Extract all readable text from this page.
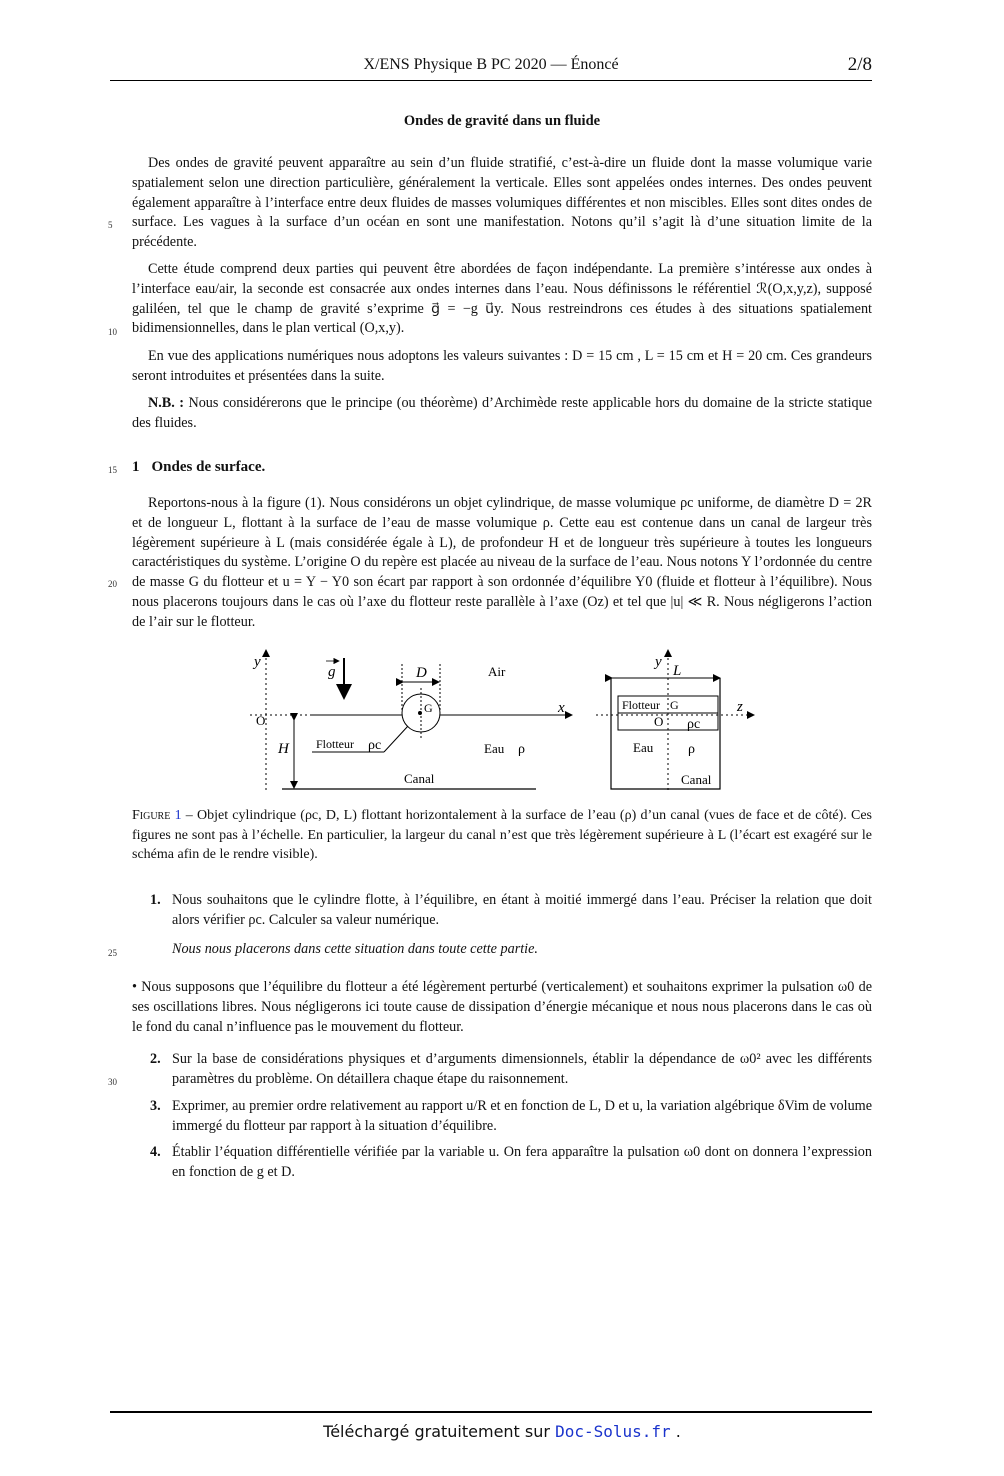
X/ENS Physique B PC 2020 — Énoncé	2/8
Ondes de gravité dans un fluide

Des ondes de gravité peuvent apparaître au sein d’un fluide stratifié, c’est-à-dire un fluide dont la masse volumique varie spatialement selon une direction particulière, généralement la verticale. Elles sont appelées ondes internes. Des ondes peuvent également apparaître à l’interface entre deux fluides de masses volumiques différentes et non miscibles. Elles sont dites ondes de surface. Les vagues à la surface d’un océan en sont une manifestation. Notons qu’il s’agit là d’une situation limite de la précédente.

Cette étude comprend deux parties qui peuvent être abordées de façon indépendante. La première s’intéresse aux ondes à l’interface eau/air, la seconde est consacrée aux ondes internes dans l’eau. Nous définissons le référentiel ℛ(O,x,y,z), supposé galiléen, tel que le champ de gravité s’exprime g⃗ = −g u⃗y. Nous restreindrons ces études à des situations spatialement bidimensionnelles, dans le plan vertical (O,x,y).

En vue des applications numériques nous adoptons les valeurs suivantes : D = 15 cm , L = 15 cm et H = 20 cm. Ces grandeurs seront introduites et présentées dans la suite.

N.B. : Nous considérerons que le principe (ou théorème) d’Archimède reste applicable hors du domaine de la stricte statique des fluides.

5
10
15
20
25
30
1 Ondes de surface.

Reportons-nous à la figure (1). Nous considérons un objet cylindrique, de masse volumique ρc uniforme, de diamètre D = 2R et de longueur L, flottant à la surface de l’eau de masse volumique ρ. Cette eau est contenue dans un canal de largeur très légèrement supérieure à L (mais considérée égale à L), de profondeur H et de longueur très supérieure à toutes les longueurs caractéristiques du système. L’origine O du repère est placée au niveau de la surface de l’eau. Nous notons Y l’ordonnée du centre de masse G du flotteur et u = Y − Y0 son écart par rapport à son ordonnée d’équilibre Y0 (fluide et flotteur à l’équilibre). Nous nous placerons toujours dans le cas où l’axe du flotteur reste parallèle à l’axe (Oz) et tel que |u| ≪ R. Nous négligerons l’action de l’air sur le flotteur.

y
x
g	D	Air
O
G
H Flotteur ρc	Eau ρ
Canal
y
L
z
Flotteur G
O ρc
Eau ρ
Canal
Figure 1 – Objet cylindrique (ρc, D, L) flottant horizontalement à la surface de l’eau (ρ) d’un canal (vues de face et de côté). Ces figures ne sont pas à l’échelle. En particulier, la largeur du canal n’est que très légèrement supérieure à L (l’écart est exagéré sur le schéma afin de le rendre visible).
1. Nous souhaitons que le cylindre flotte, à l’équilibre, en étant à moitié immergé dans l’eau. Préciser la relation que doit alors vérifier ρc. Calculer sa valeur numérique.
Nous nous placerons dans cette situation dans toute cette partie.

• Nous supposons que l’équilibre du flotteur a été légèrement perturbé (verticalement) et souhaitons exprimer la pulsation ω0 de ses oscillations libres. Nous négligerons ici toute cause de dissipation d’énergie mécanique et nous nous placerons dans le cas où le fond du canal n’influence pas le mouvement du flotteur.

2. Sur la base de considérations physiques et d’arguments dimensionnels, établir la dépendance de ω0² avec les différents paramètres du problème. On détaillera chaque étape du raisonnement.
3. Exprimer, au premier ordre relativement au rapport u/R et en fonction de L, D et u, la variation algébrique δVim de volume immergé du flotteur par rapport à la situation d’équilibre.
4. Établir l’équation différentielle vérifiée par la variable u. On fera apparaître la pulsation ω0 dont on donnera l’expression en fonction de g et D.
Téléchargé gratuitement sur Doc-Solus.fr .
